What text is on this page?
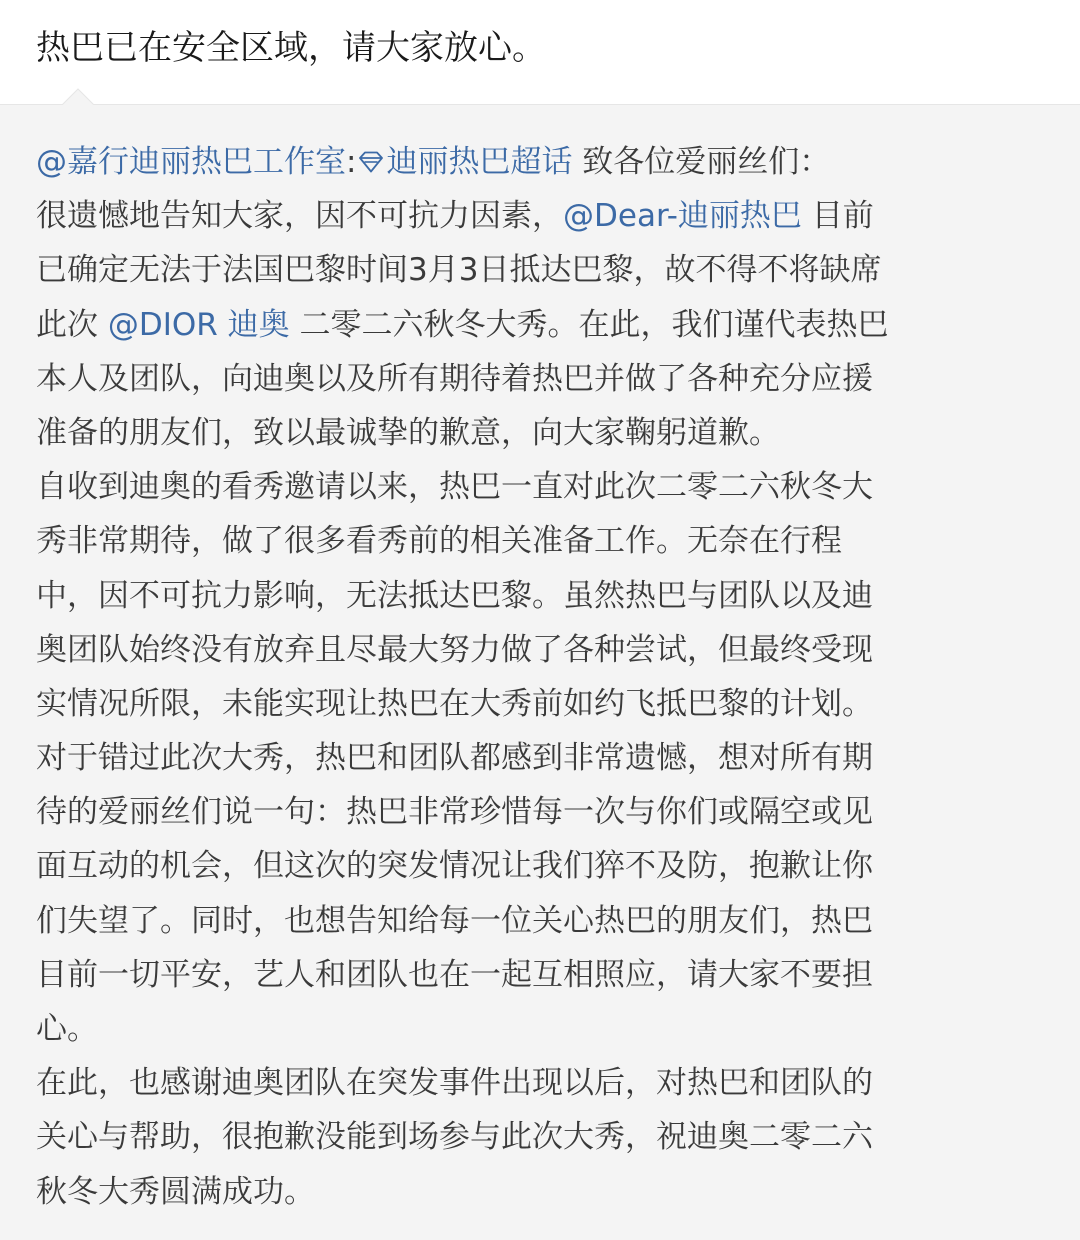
热巴已在安全区域，请大家放心。
@嘉行迪丽热巴工作室: 迪丽热巴超话 致各位爱丽丝们：
很遗憾地告知大家，因不可抗力因素，@Dear-迪丽热巴 目前
已确定无法于法国巴黎时间3月3日抵达巴黎，故不得不将缺席
此次 @DIOR 迪奥 二零二六秋冬大秀。在此，我们谨代表热巴
本人及团队，向迪奥以及所有期待着热巴并做了各种充分应援
准备的朋友们，致以最诚挚的歉意，向大家鞠躬道歉。
自收到迪奥的看秀邀请以来，热巴一直对此次二零二六秋冬大
秀非常期待，做了很多看秀前的相关准备工作。无奈在行程
中，因不可抗力影响，无法抵达巴黎。虽然热巴与团队以及迪
奥团队始终没有放弃且尽最大努力做了各种尝试，但最终受现
实情况所限，未能实现让热巴在大秀前如约飞抵巴黎的计划。
对于错过此次大秀，热巴和团队都感到非常遗憾，想对所有期
待的爱丽丝们说一句：热巴非常珍惜每一次与你们或隔空或见
面互动的机会，但这次的突发情况让我们猝不及防，抱歉让你
们失望了。同时，也想告知给每一位关心热巴的朋友们，热巴
目前一切平安，艺人和团队也在一起互相照应，请大家不要担
心。
在此，也感谢迪奥团队在突发事件出现以后，对热巴和团队的
关心与帮助，很抱歉没能到场参与此次大秀，祝迪奥二零二六
秋冬大秀圆满成功。
